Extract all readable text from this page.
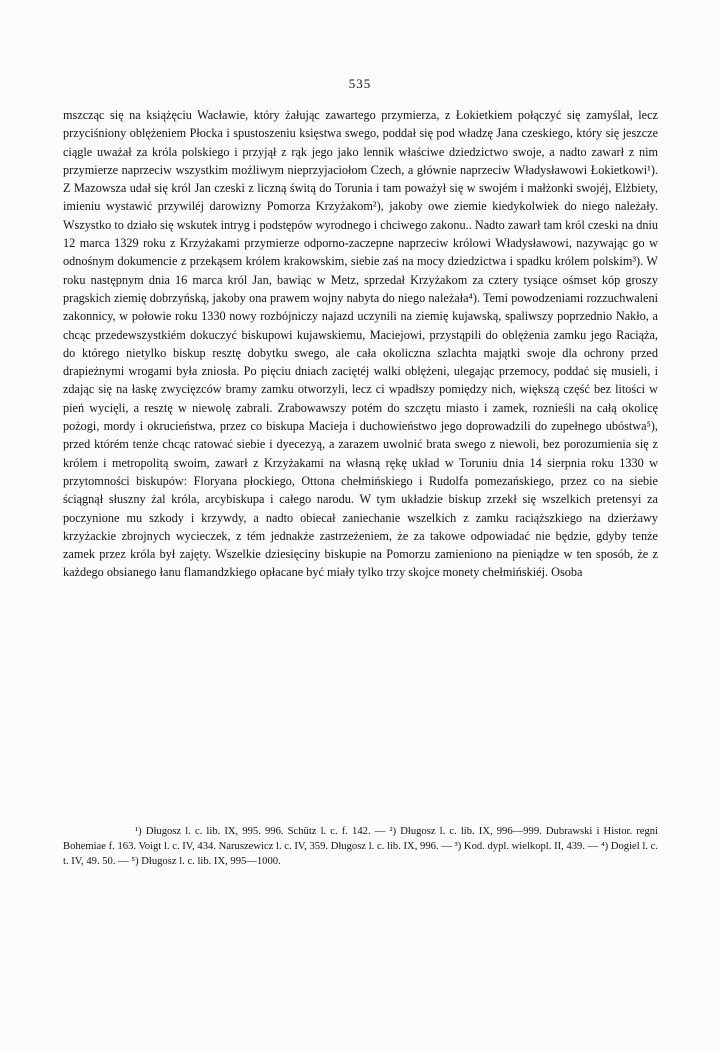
535

mszcząc się na książęciu Wacławie, który żałując zawartego przymierza, z Łokietkiem połączyć się zamyślał, lecz przyciśniony oblężeniem Płocka i spustoszeniu księstwa swego, poddał się pod władzę Jana czeskiego, który się jeszcze ciągle uważał za króla polskiego i przyjął z rąk jego jako lennik właściwe dziedzictwo swoje, a nadto zawarł z nim przymierze naprzeciw wszystkim możliwym nieprzyjaciołom Czech, a głównie naprzeciw Władysławowi Łokietkowi¹). Z Mazowsza udał się król Jan czeski z liczną świtą do Torunia i tam poważył się w swojém i małżonki swojéj, Elżbiety, imieniu wystawić przywiléj darowizny Pomorza Krzyżakom²), jakoby owe ziemie kiedykolwiek do niego należały. Wszystko to działo się wskutek intryg i podstępów wyrodnego i chciwego zakonu.. Nadto zawarł tam król czeski na dniu 12 marca 1329 roku z Krzyżakami przymierze odporno-zaczepne naprzeciw królowi Władysławowi, nazywając go w odnośnym dokumencie z przekąsem królem krakowskim, siebie zaś na mocy dziedzictwa i spadku królem polskim³). W roku następnym dnia 16 marca król Jan, bawiąc w Metz, sprzedał Krzyżakom za cztery tysiące ośmset kóp groszy pragskich ziemię dobrzyńską, jakoby ona prawem wojny nabyta do niego należała⁴). Temi powodzeniami rozzuchwaleni zakonnicy, w połowie roku 1330 nowy rozbójniczy najazd uczynili na ziemię kujawską, spaliwszy poprzednio Nakło, a chcąc przedewszystkiém dokuczyć biskupowi kujawskiemu, Maciejowi, przystąpili do oblężenia zamku jego Raciąża, do którego nietylko biskup resztę dobytku swego, ale cała okoliczna szlachta majątki swoje dla ochrony przed drapieżnymi wrogami była zniosła. Po pięciu dniach zaciętéj walki oblężeni, ulegając przemocy, poddać się musieli, i zdając się na łaskę zwycięzców bramy zamku otworzyli, lecz ci wpadłszy pomiędzy nich, większą część bez litości w pień wycięli, a resztę w niewolę zabrali. Zrabowawszy potém do szczętu miasto i zamek, roznieśli na całą okolicę pożogi, mordy i okrucieństwa, przez co biskupa Macieja i duchowieństwo jego doprowadzili do zupełnego ubóstwa⁵), przed którém tenże chcąc ratować siebie i dyecezyą, a zarazem uwolnić brata swego z niewoli, bez porozumienia się z królem i metropolitą swoim, zawarł z Krzyżakami na własną rękę układ w Toruniu dnia 14 sierpnia roku 1330 w przytomności biskupów: Floryana płockiego, Ottona chełmińskiego i Rudolfa pomezańskiego, przez co na siebie ściągnął słuszny żal króla, arcybiskupa i całego narodu. W tym układzie biskup zrzekł się wszelkich pretensyi za poczynione mu szkody i krzywdy, a nadto obiecał zaniechanie wszelkich z zamku raciąższkiego na dzierżawy krzyżackie zbrojnych wycieczek, z tém jednakże zastrzeżeniem, że za takowe odpowiadać nie będzie, gdyby tenże zamek przez króla był zajęty. Wszelkie dziesięciny biskupie na Pomorzu zamieniono na pieniądze w ten sposób, że z każdego obsianego łanu flamandzkiego opłacane być miały tylko trzy skojce monety chełmińskiéj. Osoba

¹) Długosz l. c. lib. IX, 995. 996. Schütz l. c. f. 142. — ²) Długosz l. c. lib. IX, 996—999. Dubrawski i Histor. regni Bohemiae f. 163. Voigt l. c. IV, 434. Naruszewicz l. c. IV, 359. Długosz l. c. lib. IX, 996. — ³) Kod. dypl. wielkopl. II, 439. — ⁴) Dogiel l. c. t. IV, 49. 50. — ⁵) Długosz l. c. lib. IX, 995—1000.
